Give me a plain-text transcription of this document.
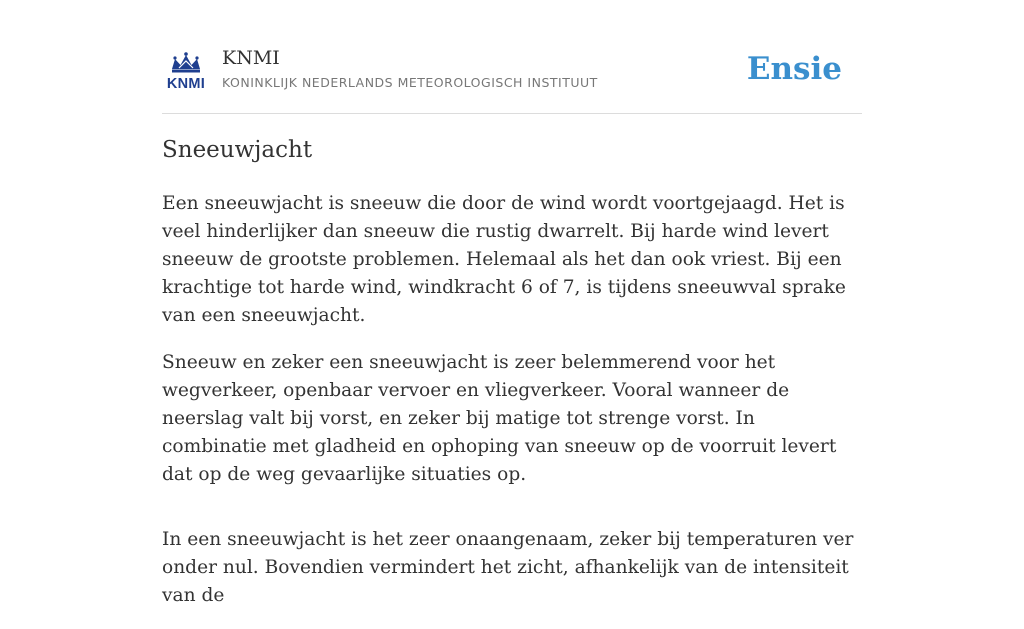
KNMI
KNMI
KONINKLIJK NEDERLANDS METEOROLOGISCH INSTITUUT	Ensie
Sneeuwjacht

Een sneeuwjacht is sneeuw die door de wind wordt voortgejaagd. Het is veel hinderlijker dan sneeuw die rustig dwarrelt. Bij harde wind levert sneeuw de grootste problemen. Helemaal als het dan ook vriest. Bij een krachtige tot harde wind, windkracht 6 of 7, is tijdens sneeuwval sprake van een sneeuwjacht.

Sneeuw en zeker een sneeuwjacht is zeer belemmerend voor het wegverkeer, openbaar vervoer en vliegverkeer. Vooral wanneer de neerslag valt bij vorst, en zeker bij matige tot strenge vorst. In combinatie met gladheid en ophoping van sneeuw op de voorruit levert dat op de weg gevaarlijke situaties op.

In een sneeuwjacht is het zeer onaangenaam, zeker bij temperaturen ver onder nul. Bovendien vermindert het zicht, afhankelijk van de intensiteit van de
